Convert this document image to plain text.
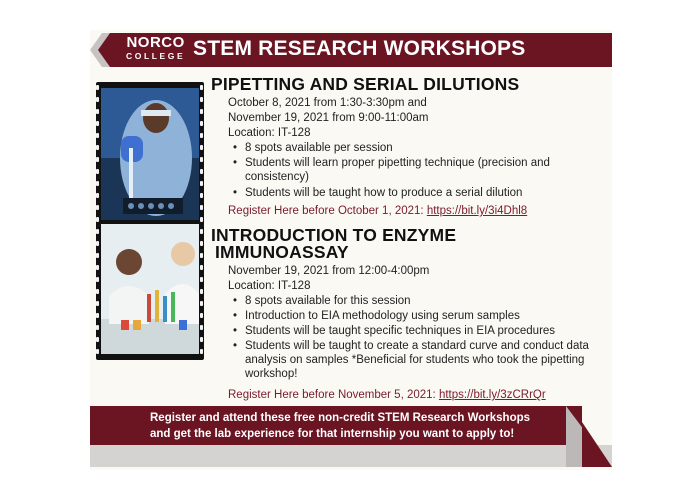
NORCO
COLLEGE STEM RESEARCH WORKSHOPS
PIPETTING AND SERIAL DILUTIONS
October 8, 2021 from 1:30-3:30pm and
November 19, 2021 from 9:00-11:00am
Location: IT-128
• 8 spots available per session
• Students will learn proper pipetting technique (precision and consistency)
• Students will be taught how to produce a serial dilution
Register Here before October 1, 2021: https://bit.ly/3i4Dhl8
INTRODUCTION TO ENZYME
IMMUNOASSAY
November 19, 2021 from 12:00-4:00pm
Location: IT-128
• 8 spots available for this session
• Introduction to EIA methodology using serum samples
• Students will be taught specific techniques in EIA procedures
• Students will be taught to create a standard curve and conduct data analysis on samples *Beneficial for students who took the pipetting workshop!
Register Here before November 5, 2021: https://bit.ly/3zCRrQr
Register and attend these free non-credit STEM Research Workshops
and get the lab experience for that internship you want to apply to!
